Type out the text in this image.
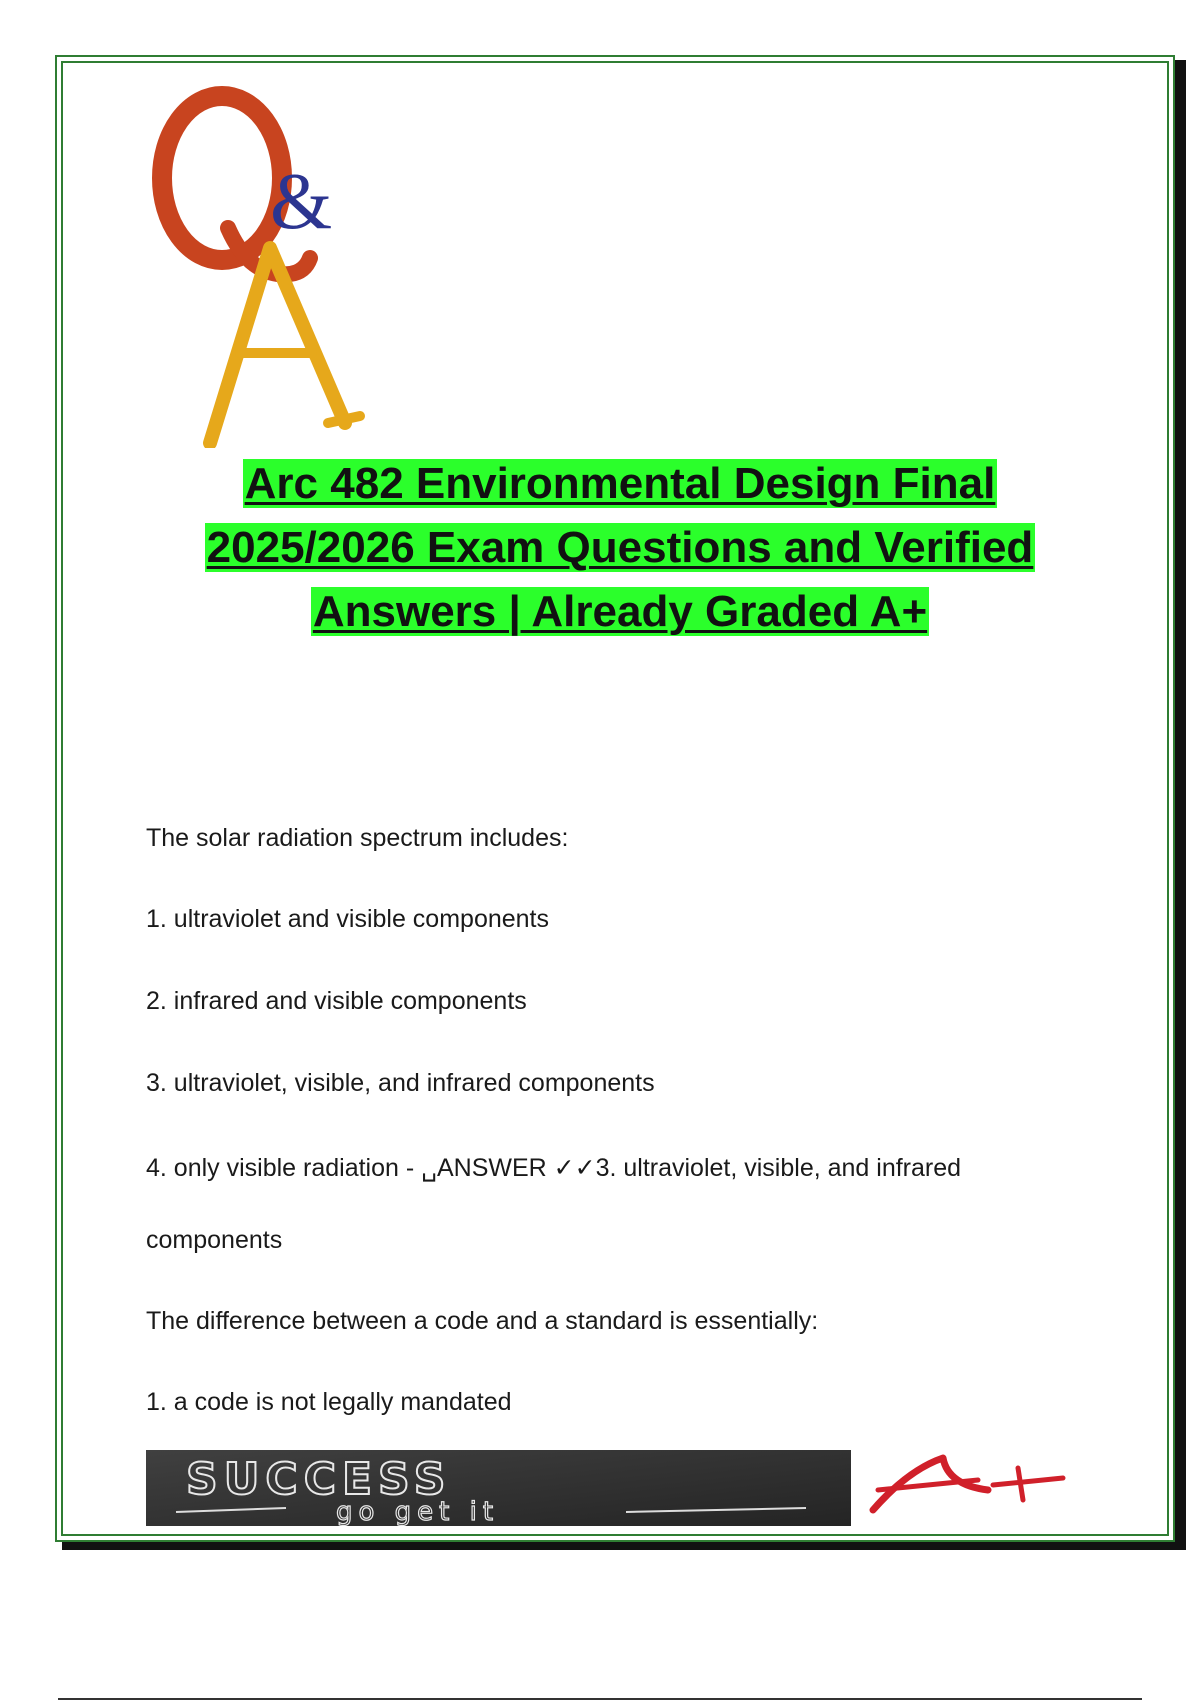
&
Arc 482 Environmental Design Final
2025/2026 Exam Questions and Verified
Answers | Already Graded A+
The solar radiation spectrum includes:
1. ultraviolet and visible components
2. infrared and visible components
3. ultraviolet, visible, and infrared components
4. only visible radiation - ␣ANSWER ✓✓3. ultraviolet, visible, and infrared
components
The difference between a code and a standard is essentially:
1. a code is not legally mandated
SUCCESS
go get it
